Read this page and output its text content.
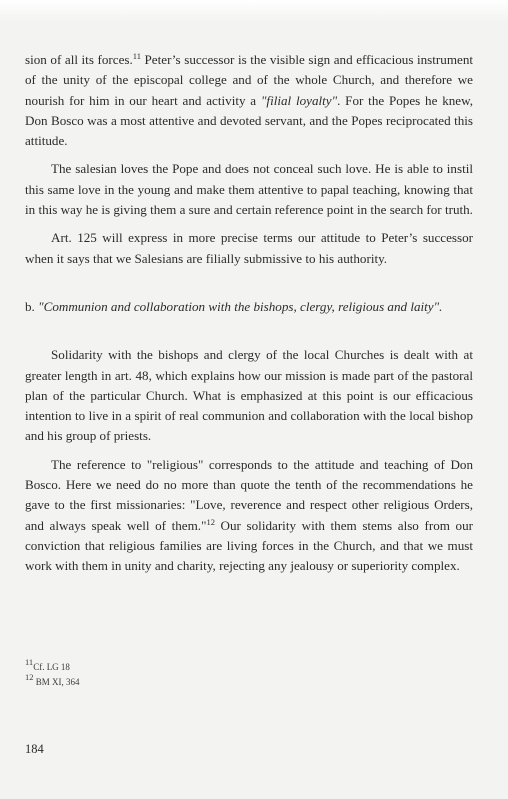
sion of all its forces.$^{11}$ Peter’s successor is the visible sign and efficacious instrument of the unity of the episcopal college and of the whole Church, and therefore we nourish for him in our heart and activity a "filial loyalty". For the Popes he knew, Don Bosco was a most attentive and devoted servant, and the Popes reciprocated this attitude.

The salesian loves the Pope and does not conceal such love. He is able to instil this same love in the young and make them attentive to papal teaching, knowing that in this way he is giving them a sure and certain reference point in the search for truth.

Art. 125 will express in more precise terms our attitude to Peter’s successor when it says that we Salesians are filially submissive to his authority.

b. "Communion and collaboration with the bishops, clergy, religious and laity".

Solidarity with the bishops and clergy of the local Churches is dealt with at greater length in art. 48, which explains how our mission is made part of the pastoral plan of the particular Church. What is emphasized at this point is our efficacious intention to live in a spirit of real communion and collaboration with the local bishop and his group of priests.

The reference to "religious" corresponds to the attitude and teaching of Don Bosco. Here we need do no more than quote the tenth of the recommendations he gave to the first missionaries: "Love, reverence and respect other religious Orders, and always speak well of them."$^{12}$ Our solidarity with them stems also from our conviction that religious families are living forces in the Church, and that we must work with them in unity and charity, rejecting any jealousy or superiority complex.

$^{11}$Cf. LG 18
$^{12}$ BM XI, 364
184
